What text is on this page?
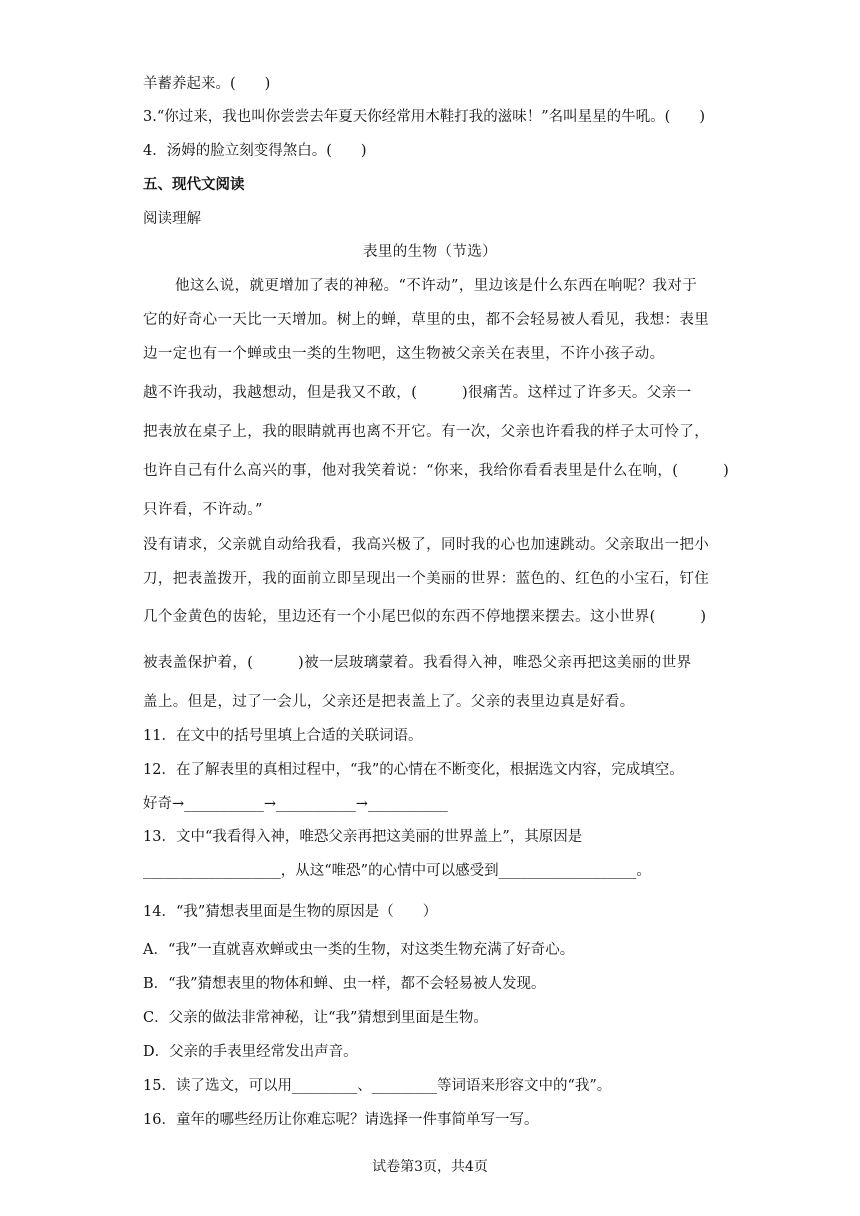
羊蓄养起来。(　　)
3.“你过来，我也叫你尝尝去年夏天你经常用木鞋打我的滋味！”名叫星星的牛吼。(　　)
4．汤姆的脸立刻变得煞白。(　　)
五、现代文阅读
阅读理解
表里的生物（节选）
他这么说，就更增加了表的神秘。“不许动”，里边该是什么东西在响呢？我对于
它的好奇心一天比一天增加。树上的蝉，草里的虫，都不会轻易被人看见，我想：表里
边一定也有一个蝉或虫一类的生物吧，这生物被父亲关在表里，不许小孩子动。
越不许我动，我越想动，但是我又不敢，(　　　)很痛苦。这样过了许多天。父亲一
把表放在桌子上，我的眼睛就再也离不开它。有一次，父亲也许看我的样子太可怜了，
也许自己有什么高兴的事，他对我笑着说：“你来，我给你看看表里是什么在响，(　　　)
只许看，不许动。”
没有请求，父亲就自动给我看，我高兴极了，同时我的心也加速跳动。父亲取出一把小
刀，把表盖拨开，我的面前立即呈现出一个美丽的世界：蓝色的、红色的小宝石，钉住
几个金黄色的齿轮，里边还有一个小尾巴似的东西不停地摆来摆去。这小世界(　　　)
被表盖保护着，(　　　)被一层玻璃蒙着。我看得入神，唯恐父亲再把这美丽的世界
盖上。但是，过了一会儿，父亲还是把表盖上了。父亲的表里边真是好看。
11．在文中的括号里填上合适的关联词语。
12．在了解表里的真相过程中，“我”的心情在不断变化，根据选文内容，完成填空。
好奇→___________→___________→___________
13．文中“我看得入神，唯恐父亲再把这美丽的世界盖上”，其原因是
___________________，从这“唯恐”的心情中可以感受到___________________。
14．“我”猜想表里面是生物的原因是（　　）
A．“我”一直就喜欢蝉或虫一类的生物，对这类生物充满了好奇心。
B．“我”猜想表里的物体和蝉、虫一样，都不会轻易被人发现。
C．父亲的做法非常神秘，让“我”猜想到里面是生物。
D．父亲的手表里经常发出声音。
15．读了选文，可以用_________、_________等词语来形容文中的“我”。
16．童年的哪些经历让你难忘呢？请选择一件事简单写一写。
试卷第3页，共4页
